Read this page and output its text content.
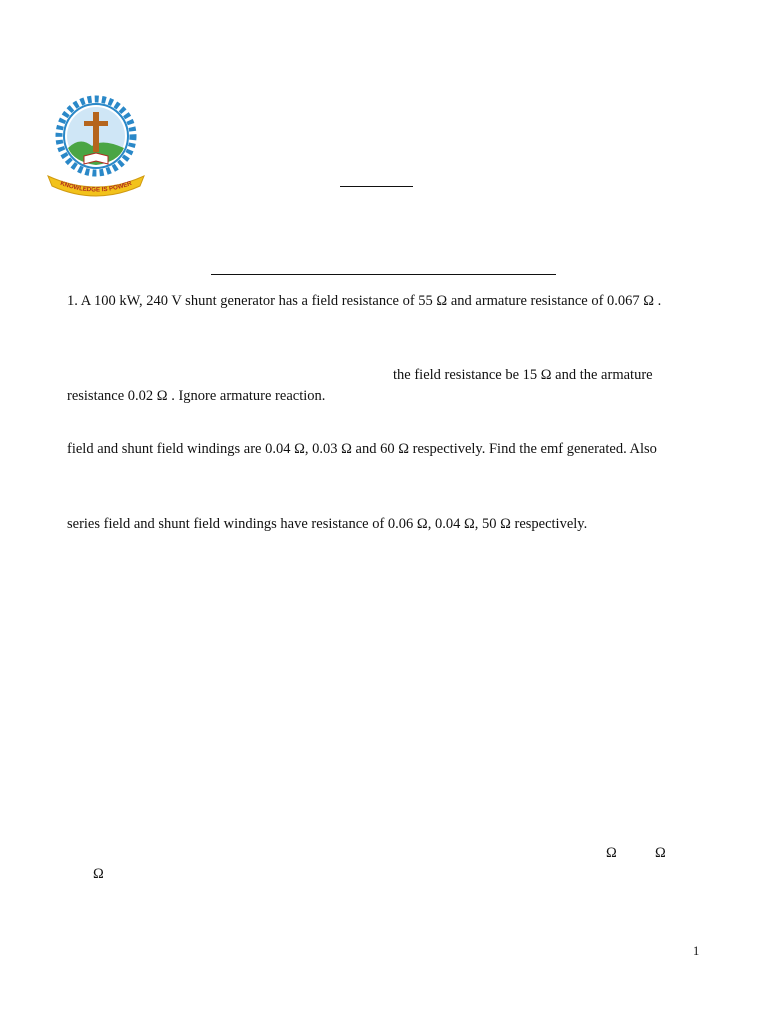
KNOWLEDGE IS POWER
1. A 100 kW, 240 V shunt generator has a field resistance of 55 Ω and armature resistance of 0.067 Ω .
the field resistance be 15 Ω and the armature
resistance 0.02 Ω . Ignore armature reaction.
field and shunt field windings are 0.04 Ω, 0.03 Ω and 60 Ω respectively. Find the emf generated. Also
series field and shunt field windings have resistance of 0.06 Ω, 0.04 Ω, 50 Ω respectively.
Ω	Ω
Ω
1
